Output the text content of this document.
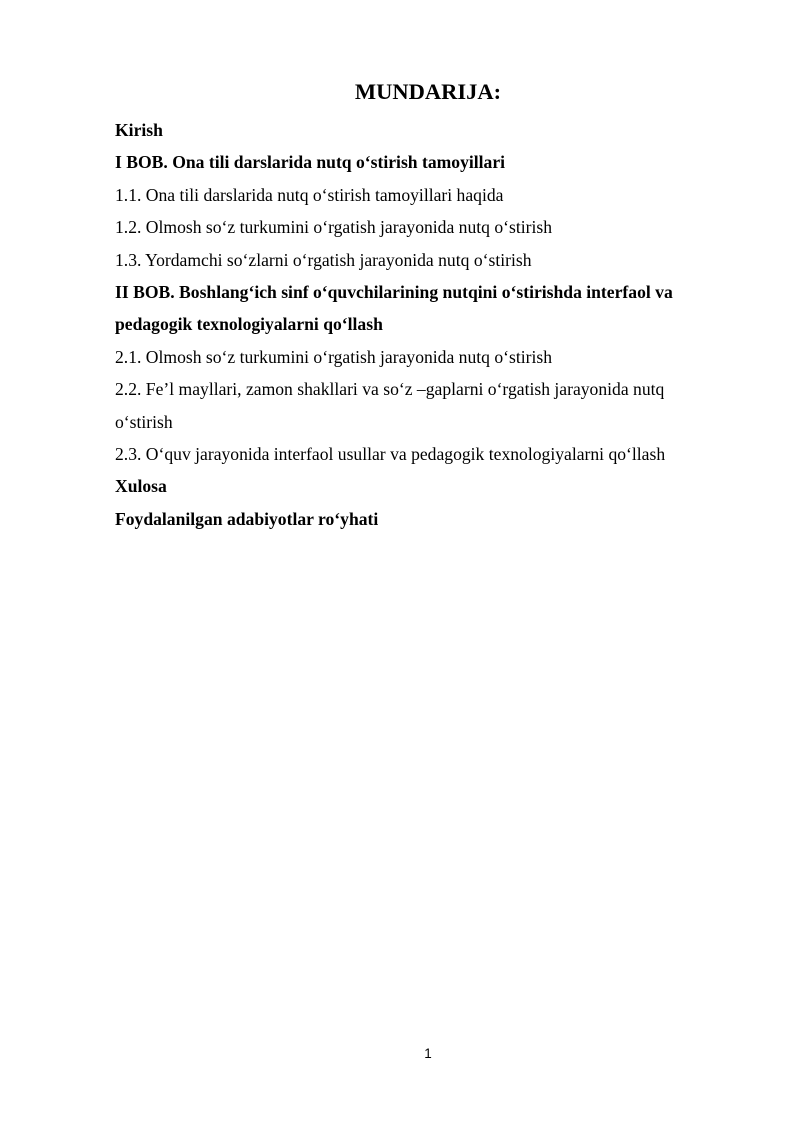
MUNDARIJA:
Kirish
I BOB. Ona tili darslarida nutq o‘stirish tamoyillari
1.1. Ona tili darslarida nutq o‘stirish tamoyillari haqida
1.2. Olmosh so‘z turkumini o‘rgatish jarayonida nutq o‘stirish
1.3. Yordamchi so‘zlarni o‘rgatish jarayonida nutq o‘stirish
II BOB. Boshlang‘ich sinf o‘quvchilarining nutqini o‘stirishda interfaol va
pedagogik texnologiyalarni qo‘llash
2.1. Olmosh so‘z turkumini o‘rgatish jarayonida nutq o‘stirish
2.2. Fe’l mayllari, zamon shakllari va so‘z –gaplarni o‘rgatish jarayonida nutq
o‘stirish
2.3. O‘quv jarayonida interfaol usullar va pedagogik texnologiyalarni qo‘llash
Xulosa
Foydalanilgan adabiyotlar ro‘yhati
1
